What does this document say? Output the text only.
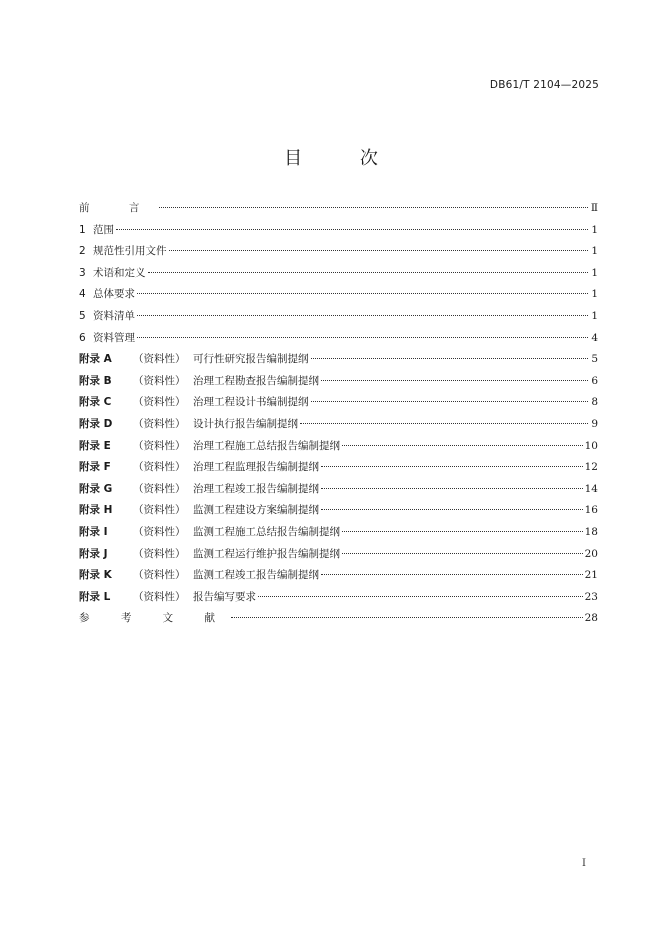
DB61/T 2104—2025
目 次
前 言	Ⅱ
1 范围	1
2 规范性引用文件	1
3 术语和定义	1
4 总体要求	1
5 资料清单	1
6 资料管理	4
附录 A	（资料性） 可行性研究报告编制提纲	5
附录 B	（资料性） 治理工程勘查报告编制提纲	6
附录 C	（资料性） 治理工程设计书编制提纲	8
附录 D	（资料性） 设计执行报告编制提纲	9
附录 E	（资料性） 治理工程施工总结报告编制提纲	10
附录 F	（资料性） 治理工程监理报告编制提纲	12
附录 G	（资料性） 治理工程竣工报告编制提纲	14
附录 H	（资料性） 监测工程建设方案编制提纲	16
附录 I	（资料性） 监测工程施工总结报告编制提纲	18
附录 J	（资料性） 监测工程运行维护报告编制提纲	20
附录 K	（资料性） 监测工程竣工报告编制提纲	21
附录 L	（资料性） 报告编写要求	23
参 考 文 献	28
I
